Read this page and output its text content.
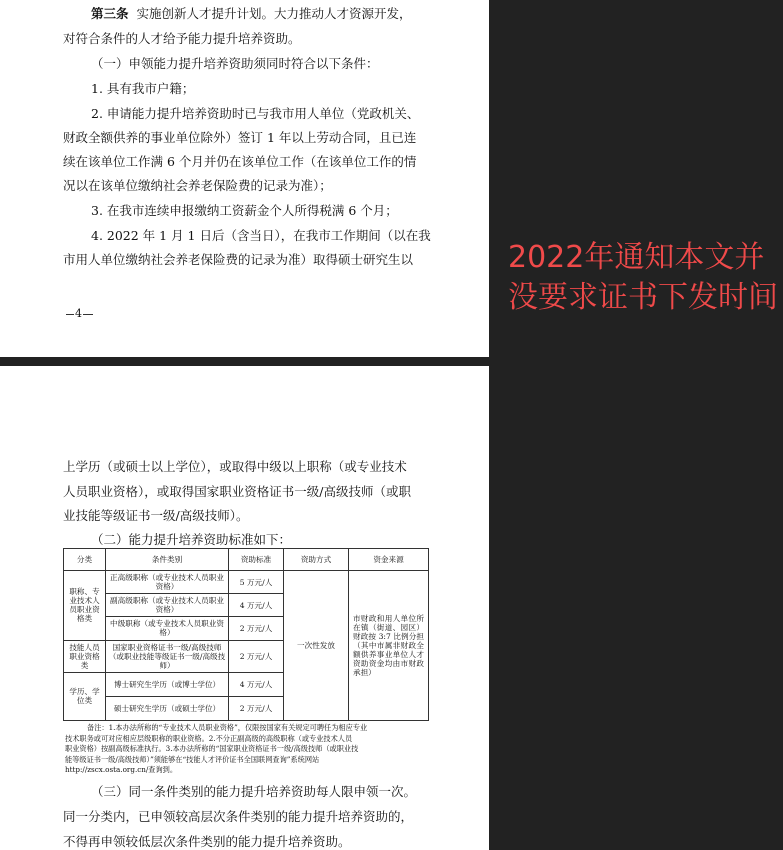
第三条 实施创新人才提升计划。大力推动人才资源开发，
对符合条件的人才给予能力提升培养资助。
（一）申领能力提升培养资助须同时符合以下条件：
1. 具有我市户籍；
2. 申请能力提升培养资助时已与我市用人单位（党政机关、
财政全额供养的事业单位除外）签订 1 年以上劳动合同，且已连
续在该单位工作满 6 个月并仍在该单位工作（在该单位工作的情
况以在该单位缴纳社会养老保险费的记录为准）；
3. 在我市连续申报缴纳工资薪金个人所得税满 6 个月；
4. 2022 年 1 月 1 日后（含当日），在我市工作期间（以在我
市用人单位缴纳社会养老保险费的记录为准）取得硕士研究生以
4
2022年通知本文并没要求证书下发时间
上学历（或硕士以上学位），或取得中级以上职称（或专业技术
人员职业资格），或取得国家职业资格证书一级/高级技师（或职
业技能等级证书一级/高级技师）。
（二）能力提升培养资助标准如下：
分类	条件类别	资助标准	资助方式	资金来源
职称、专业技术人员职业资格类	正高级职称（或专业技术人员职业资格）	5 万元/人	一次性发放	市财政和用人单位所在镇（街道、园区）财政按 3:7 比例分担（其中市属非财政全额供养事业单位人才资助资金均由市财政承担）
	副高级职称（或专业技术人员职业资格）	4 万元/人		
	中级职称（或专业技术人员职业资格）	2 万元/人		
技能人员职业资格类	国家职业资格证书一级/高级技师（或职业技能等级证书一级/高级技师）	2 万元/人		
学历、学位类	博士研究生学历（或博士学位）	4 万元/人		
	硕士研究生学历（或硕士学位）	2 万元/人		
备注：1.本办法所称的“专业技术人员职业资格”，仅限按国家有关规定可聘任为相应专业
技术职务或可对应相应层级职称的职业资格。2.不分正副高级的高级职称（或专业技术人员
职业资格）按副高级标准执行。3.本办法所称的“国家职业资格证书一级/高级技师（或职业技
能等级证书一级/高级技师）”须能够在“技能人才评价证书全国联网查询”系统网站
http://zscx.osta.org.cn/查询到。
（三）同一条件类别的能力提升培养资助每人限申领一次。
同一分类内，已申领较高层次条件类别的能力提升培养资助的，
不得再申领较低层次条件类别的能力提升培养资助。
